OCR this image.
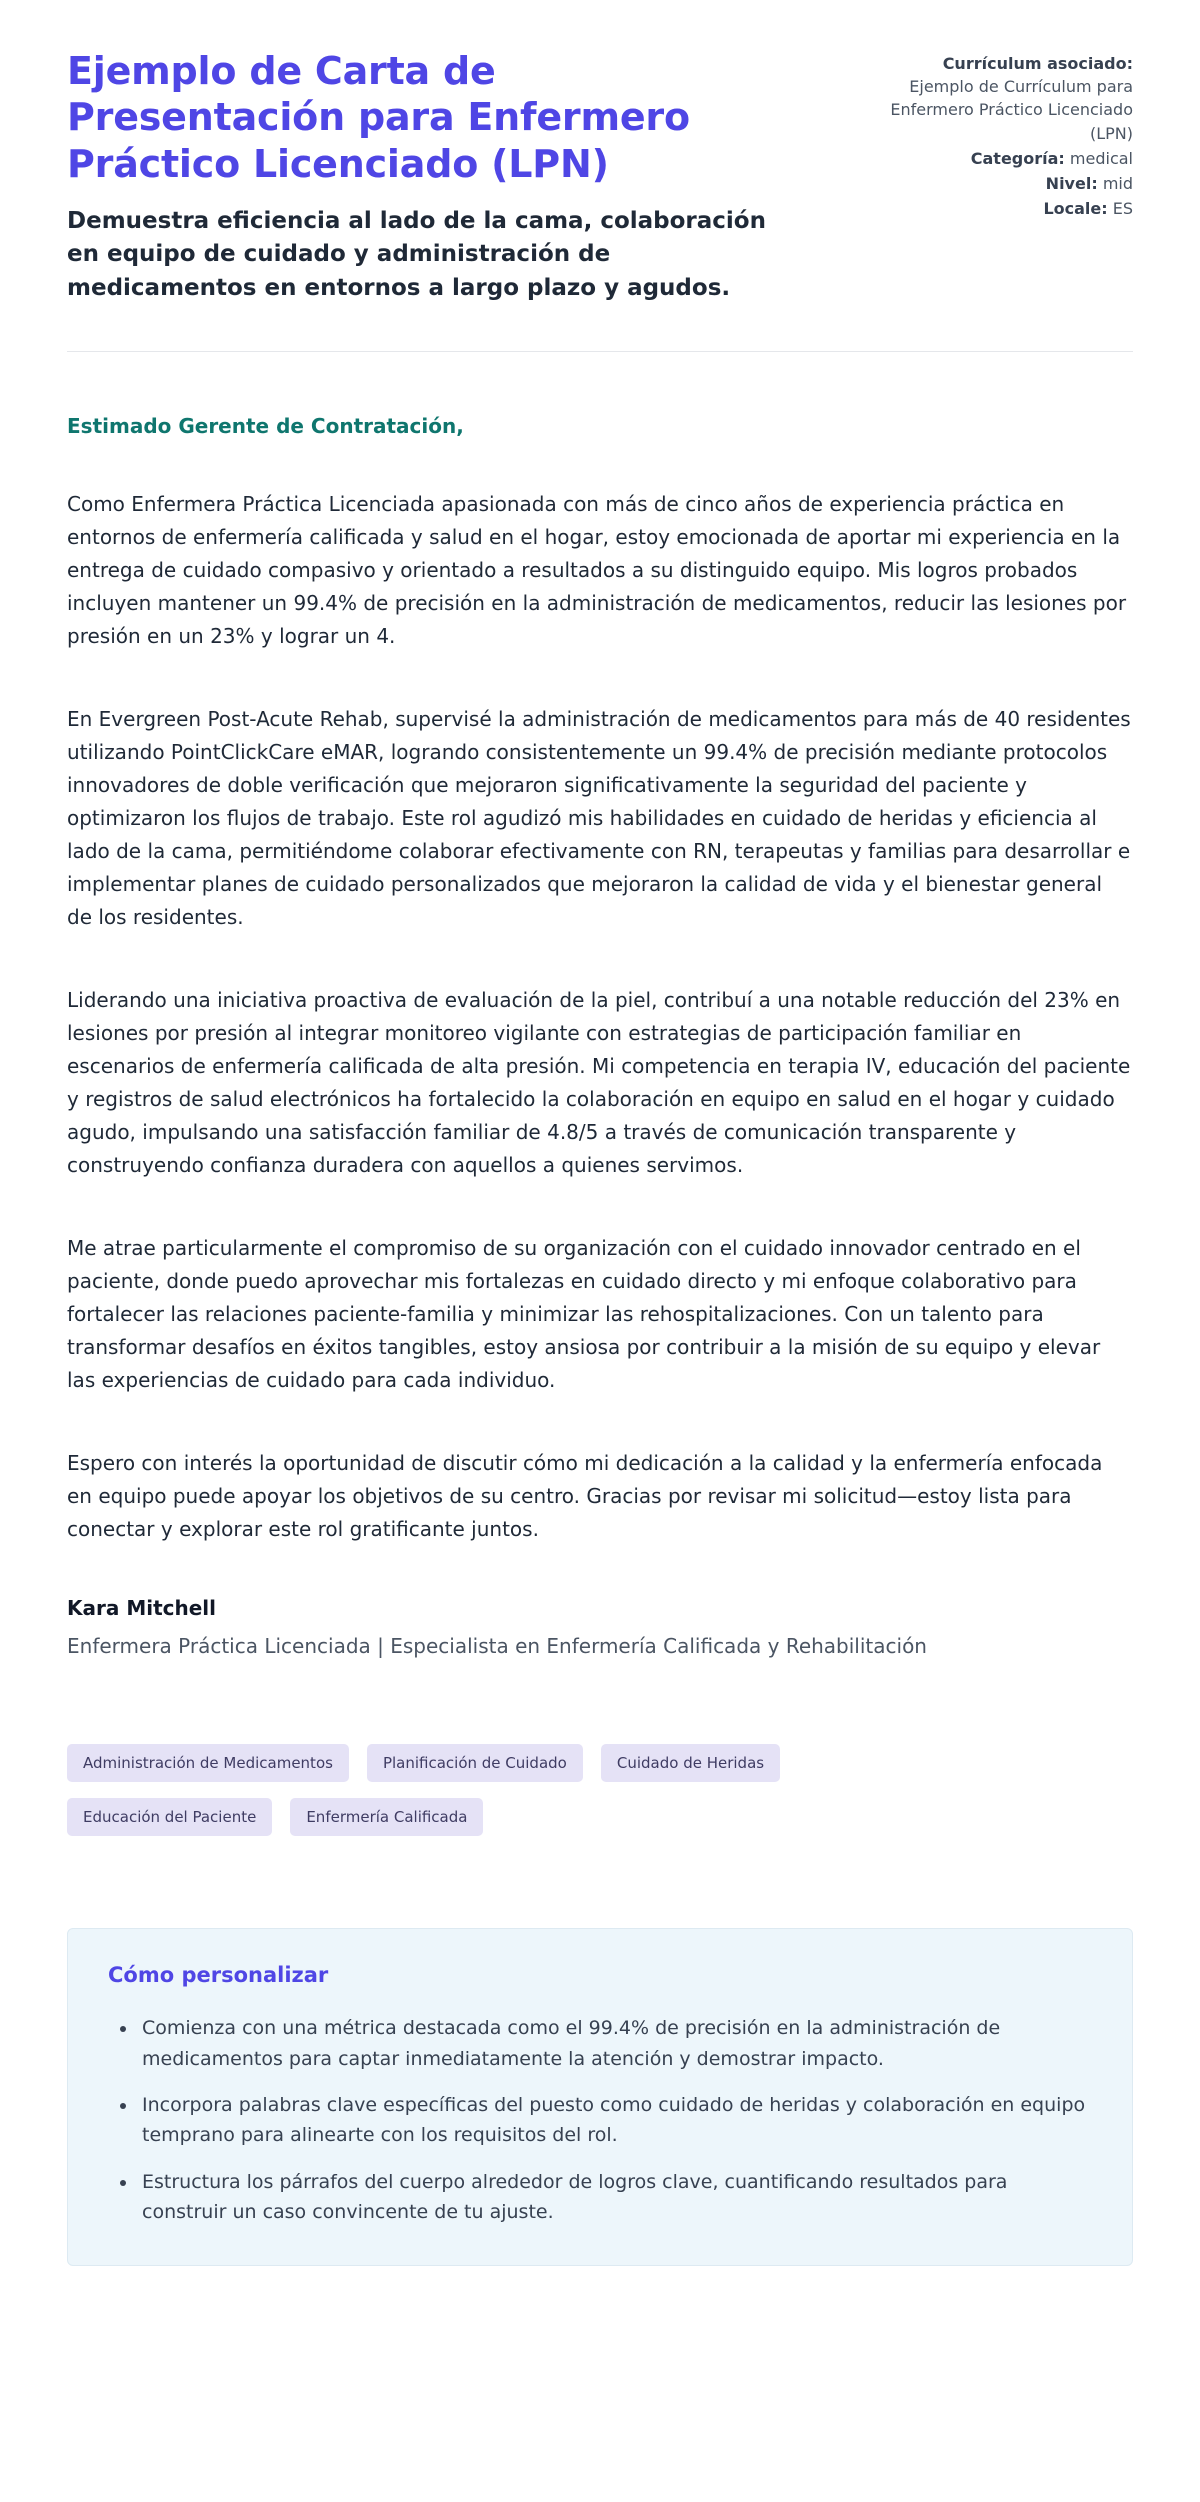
Ejemplo de Carta de Presentación para Enfermero Práctico Licenciado (LPN)

Demuestra eficiencia al lado de la cama, colaboración en equipo de cuidado y administración de medicamentos en entornos a largo plazo y agudos.

Currículum asociado:
Ejemplo de Currículum para Enfermero Práctico Licenciado (LPN)
Categoría: medical
Nivel: mid
Locale: ES

Estimado Gerente de Contratación,

Como Enfermera Práctica Licenciada apasionada con más de cinco años de experiencia práctica en entornos de enfermería calificada y salud en el hogar, estoy emocionada de aportar mi experiencia en la entrega de cuidado compasivo y orientado a resultados a su distinguido equipo. Mis logros probados incluyen mantener un 99.4% de precisión en la administración de medicamentos, reducir las lesiones por presión en un 23% y lograr un 4.

En Evergreen Post-Acute Rehab, supervisé la administración de medicamentos para más de 40 residentes utilizando PointClickCare eMAR, logrando consistentemente un 99.4% de precisión mediante protocolos innovadores de doble verificación que mejoraron significativamente la seguridad del paciente y optimizaron los flujos de trabajo. Este rol agudizó mis habilidades en cuidado de heridas y eficiencia al lado de la cama, permitiéndome colaborar efectivamente con RN, terapeutas y familias para desarrollar e implementar planes de cuidado personalizados que mejoraron la calidad de vida y el bienestar general de los residentes.

Liderando una iniciativa proactiva de evaluación de la piel, contribuí a una notable reducción del 23% en lesiones por presión al integrar monitoreo vigilante con estrategias de participación familiar en escenarios de enfermería calificada de alta presión. Mi competencia en terapia IV, educación del paciente y registros de salud electrónicos ha fortalecido la colaboración en equipo en salud en el hogar y cuidado agudo, impulsando una satisfacción familiar de 4.8/5 a través de comunicación transparente y construyendo confianza duradera con aquellos a quienes servimos.

Me atrae particularmente el compromiso de su organización con el cuidado innovador centrado en el paciente, donde puedo aprovechar mis fortalezas en cuidado directo y mi enfoque colaborativo para fortalecer las relaciones paciente-familia y minimizar las rehospitalizaciones. Con un talento para transformar desafíos en éxitos tangibles, estoy ansiosa por contribuir a la misión de su equipo y elevar las experiencias de cuidado para cada individuo.

Espero con interés la oportunidad de discutir cómo mi dedicación a la calidad y la enfermería enfocada en equipo puede apoyar los objetivos de su centro. Gracias por revisar mi solicitud—estoy lista para conectar y explorar este rol gratificante juntos.

Kara Mitchell

Enfermera Práctica Licenciada | Especialista en Enfermería Calificada y Rehabilitación

Administración de Medicamentos	Planificación de Cuidado	Cuidado de Heridas
Educación del Paciente	Enfermería Calificada
Cómo personalizar
• Comienza con una métrica destacada como el 99.4% de precisión en la administración de medicamentos para captar inmediatamente la atención y demostrar impacto.
• Incorpora palabras clave específicas del puesto como cuidado de heridas y colaboración en equipo temprano para alinearte con los requisitos del rol.
• Estructura los párrafos del cuerpo alrededor de logros clave, cuantificando resultados para construir un caso convincente de tu ajuste.
